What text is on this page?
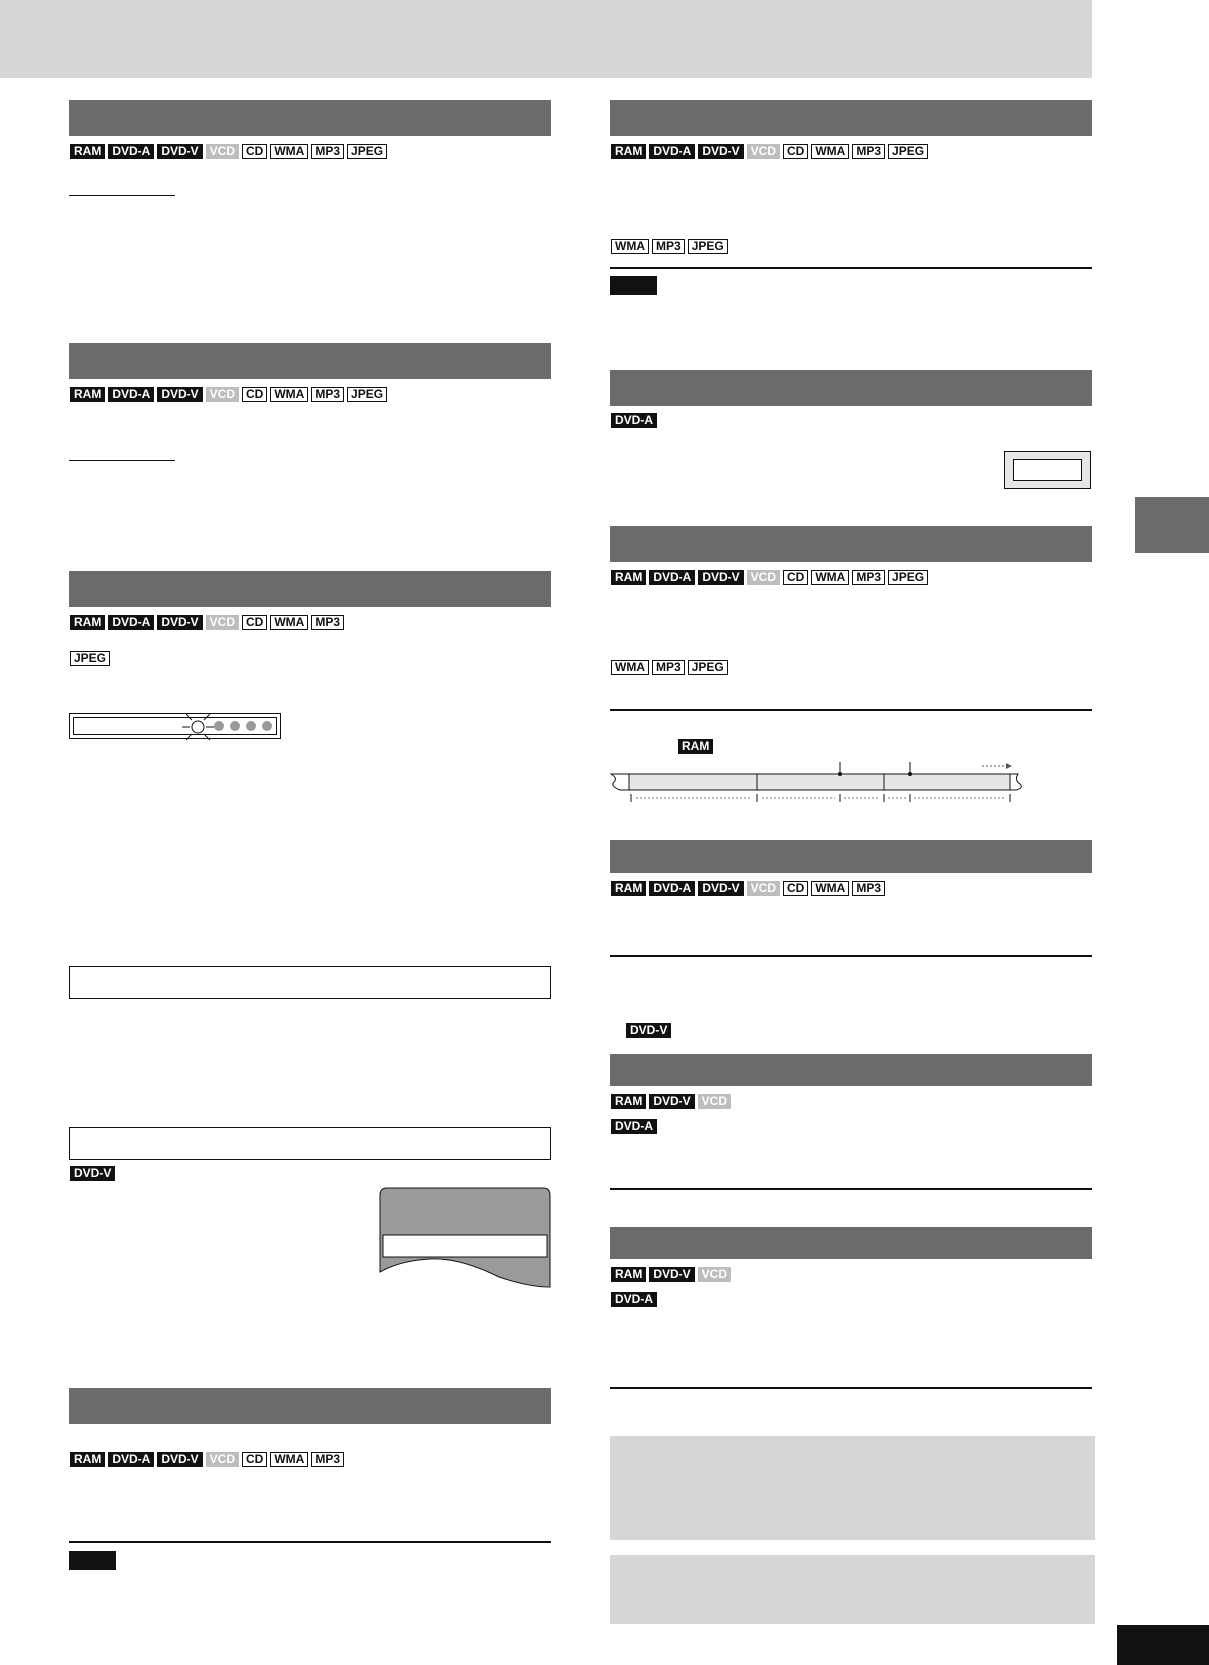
RAM DVD-A DVD-V VCD CD WMA MP3 JPEG
RAM DVD-A DVD-V VCD CD WMA MP3 JPEG
RAM DVD-A DVD-V VCD CD WMA MP3
JPEG
DVD-V
RAM DVD-A DVD-V VCD CD WMA MP3
RAM DVD-A DVD-V VCD CD WMA MP3 JPEG
WMA MP3 JPEG
DVD-A
RAM DVD-A DVD-V VCD CD WMA MP3 JPEG
WMA MP3 JPEG
RAM
RAM DVD-A DVD-V VCD CD WMA MP3
DVD-V
RAM DVD-V VCD
DVD-A
RAM DVD-V VCD
DVD-A
